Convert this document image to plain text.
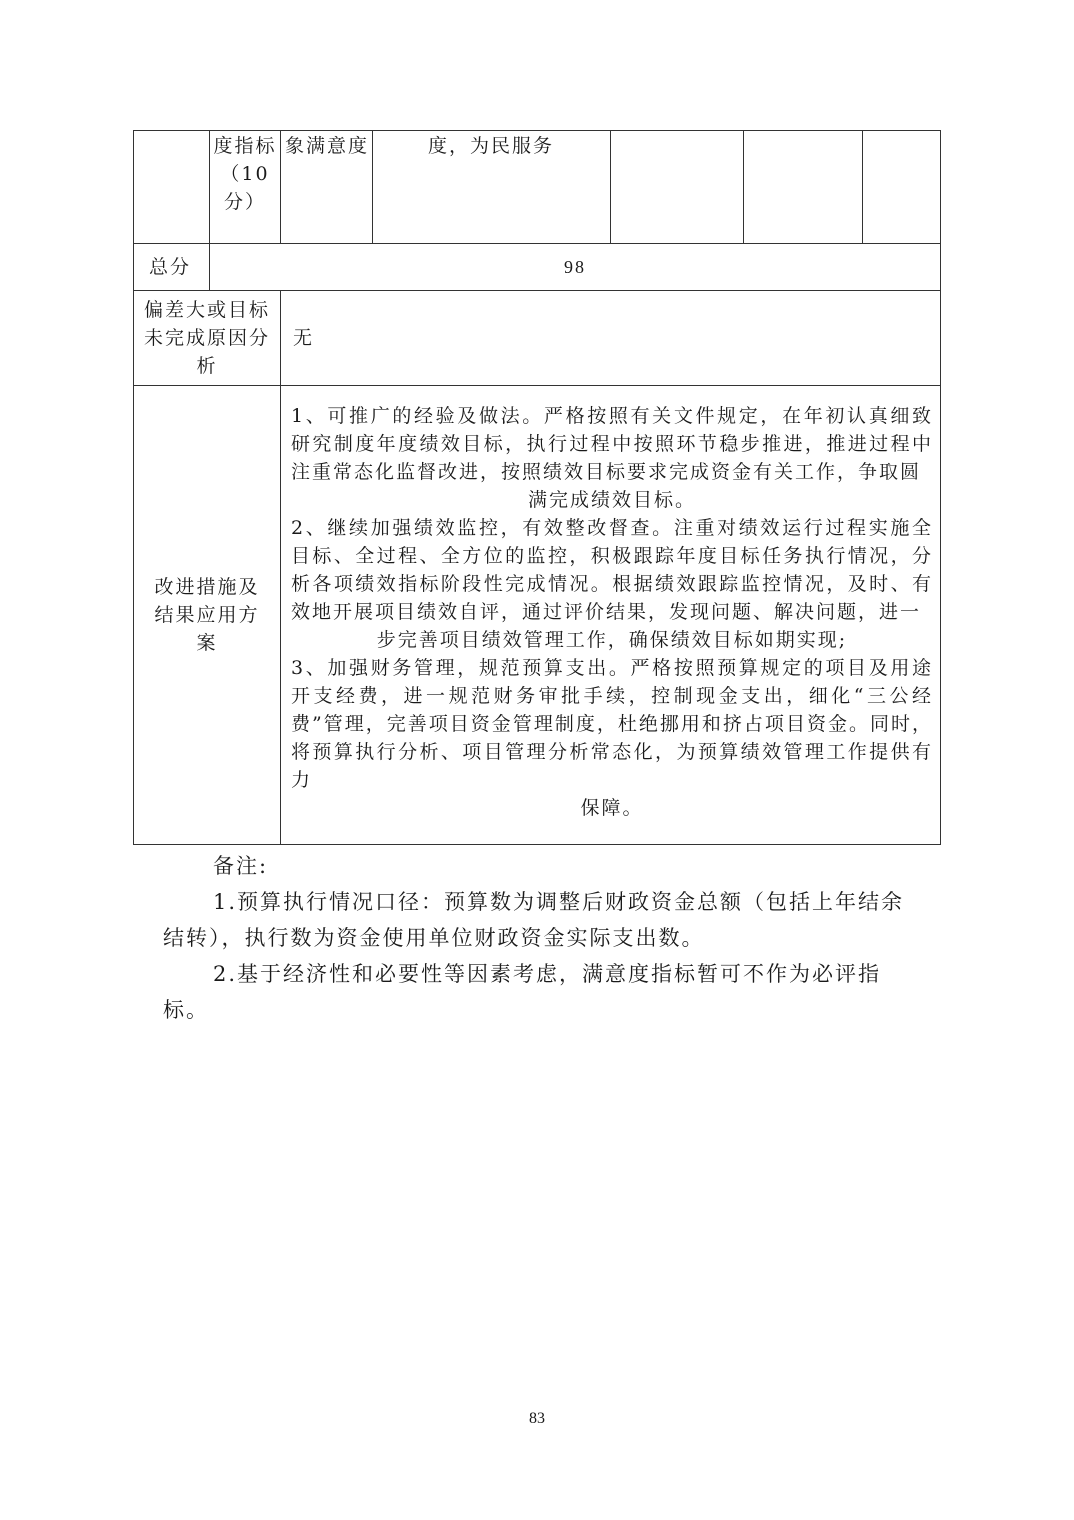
度指标（10分）
象满意度	度，为民服务
总分	98
偏差大或目标未完成原因分析
无
改进措施及结果应用方案

1、可推广的经验及做法。严格按照有关文件规定，在年初认真细致研究制度年度绩效目标，执行过程中按照环节稳步推进，推进过程中注重常态化监督改进，按照绩效目标要求完成资金有关工作，争取圆

满完成绩效目标。

2、继续加强绩效监控，有效整改督查。注重对绩效运行过程实施全目标、全过程、全方位的监控，积极跟踪年度目标任务执行情况，分析各项绩效指标阶段性完成情况。根据绩效跟踪监控情况，及时、有效地开展项目绩效自评，通过评价结果，发现问题、解决问题，进一

步完善项目绩效管理工作，确保绩效目标如期实现;

3、加强财务管理，规范预算支出。严格按照预算规定的项目及用途开支经费，进一规范财务审批手续，控制现金支出，细化“三公经费”管理，完善项目资金管理制度，杜绝挪用和挤占项目资金。同时，将预算执行分析、项目管理分析常态化，为预算绩效管理工作提供有力

保障。

备注:

1.预算执行情况口径：预算数为调整后财政资金总额（包括上年结余结转），执行数为资金使用单位财政资金实际支出数。

2.基于经济性和必要性等因素考虑，满意度指标暂可不作为必评指标。

83
